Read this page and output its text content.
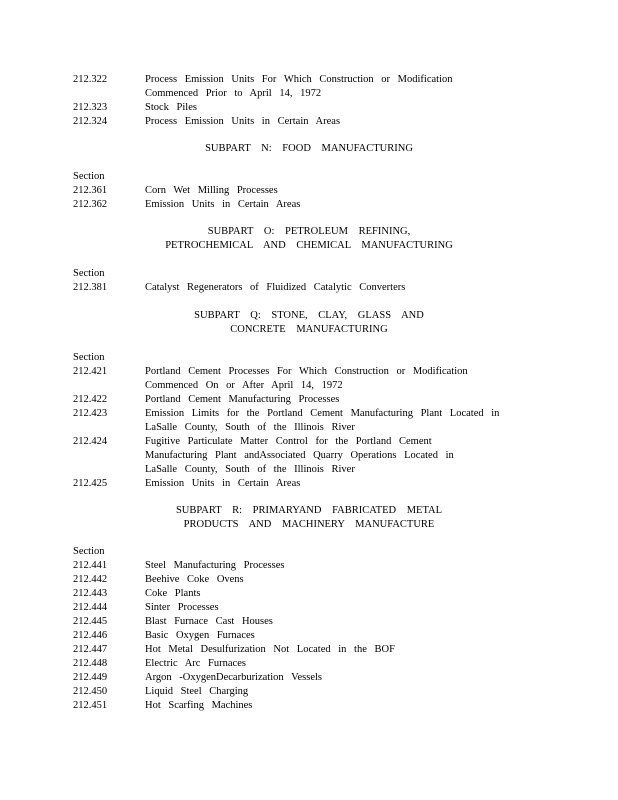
212.322	Process Emission Units For Which Construction or Modification
Commenced Prior to April 14, 1972
212.323	Stock Piles
212.324	Process Emission Units in Certain Areas
SUBPART N: FOOD MANUFACTURING
Section
212.361	Corn Wet Milling Processes
212.362	Emission Units in Certain Areas
SUBPART O: PETROLEUM REFINING,
PETROCHEMICAL AND CHEMICAL MANUFACTURING
Section
212.381	Catalyst Regenerators of Fluidized Catalytic Converters
SUBPART Q: STONE, CLAY, GLASS AND
CONCRETE MANUFACTURING
Section
212.421	Portland Cement Processes For Which Construction or Modification
Commenced On or After April 14, 1972
212.422	Portland Cement Manufacturing Processes
212.423	Emission Limits for the Portland Cement Manufacturing Plant Located in
LaSalle County, South of the Illinois River
212.424	Fugitive Particulate Matter Control for the Portland Cement
Manufacturing Plant andAssociated Quarry Operations Located in
LaSalle County, South of the Illinois River
212.425	Emission Units in Certain Areas
SUBPART R: PRIMARYAND FABRICATED METAL
PRODUCTS AND MACHINERY MANUFACTURE
Section
212.441	Steel Manufacturing Processes
212.442	Beehive Coke Ovens
212.443	Coke Plants
212.444	Sinter Processes
212.445	Blast Furnace Cast Houses
212.446	Basic Oxygen Furnaces
212.447	Hot Metal Desulfurization Not Located in the BOF
212.448	Electric Arc Furnaces
212.449	Argon -OxygenDecarburization Vessels
212.450	Liquid Steel Charging
212.451	Hot Scarfing Machines
